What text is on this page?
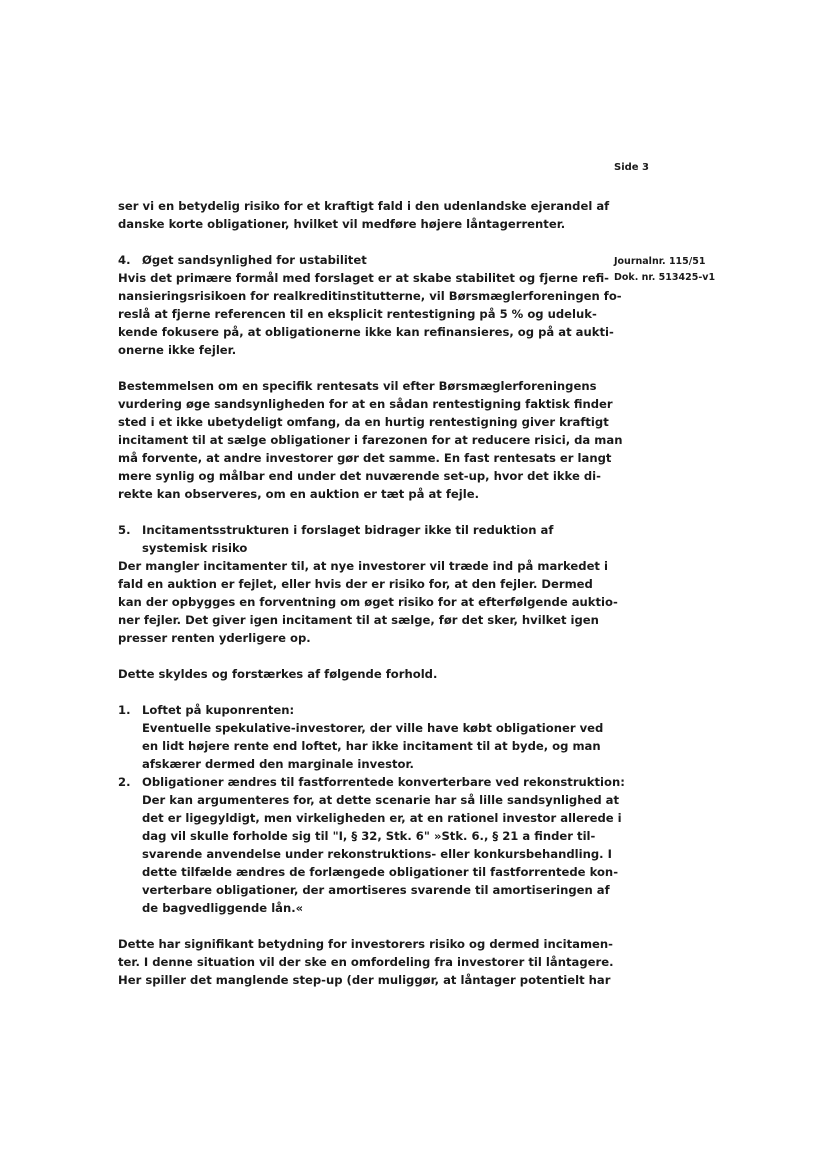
Side 3
Journalnr. 115/51
Dok. nr. 513425-v1
ser vi en betydelig risiko for et kraftigt fald i den udenlandske ejerandel af
danske korte obligationer, hvilket vil medføre højere låntagerrenter.
4. Øget sandsynlighed for ustabilitet
Hvis det primære formål med forslaget er at skabe stabilitet og fjerne refi-
nansieringsrisikoen for realkreditinstitutterne, vil Børsmæglerforeningen fo-
reslå at fjerne referencen til en eksplicit rentestigning på 5 % og udeluk-
kende fokusere på, at obligationerne ikke kan refinansieres, og på at aukti-
onerne ikke fejler.
Bestemmelsen om en specifik rentesats vil efter Børsmæglerforeningens
vurdering øge sandsynligheden for at en sådan rentestigning faktisk finder
sted i et ikke ubetydeligt omfang, da en hurtig rentestigning giver kraftigt
incitament til at sælge obligationer i farezonen for at reducere risici, da man
må forvente, at andre investorer gør det samme. En fast rentesats er langt
mere synlig og målbar end under det nuværende set-up, hvor det ikke di-
rekte kan observeres, om en auktion er tæt på at fejle.
5. Incitamentsstrukturen i forslaget bidrager ikke til reduktion af
systemisk risiko
Der mangler incitamenter til, at nye investorer vil træde ind på markedet i
fald en auktion er fejlet, eller hvis der er risiko for, at den fejler. Dermed
kan der opbygges en forventning om øget risiko for at efterfølgende auktio-
ner fejler. Det giver igen incitament til at sælge, før det sker, hvilket igen
presser renten yderligere op.
Dette skyldes og forstærkes af følgende forhold.
1. Loftet på kuponrenten:
Eventuelle spekulative-investorer, der ville have købt obligationer ved
en lidt højere rente end loftet, har ikke incitament til at byde, og man
afskærer dermed den marginale investor.
2. Obligationer ændres til fastforrentede konverterbare ved rekonstruktion:
Der kan argumenteres for, at dette scenarie har så lille sandsynlighed at
det er ligegyldigt, men virkeligheden er, at en rationel investor allerede i
dag vil skulle forholde sig til "I, § 32, Stk. 6" »Stk. 6., § 21 a finder til-
svarende anvendelse under rekonstruktions- eller konkursbehandling. I
dette tilfælde ændres de forlængede obligationer til fastforrentede kon-
verterbare obligationer, der amortiseres svarende til amortiseringen af
de bagvedliggende lån.«
Dette har signifikant betydning for investorers risiko og dermed incitamen-
ter. I denne situation vil der ske en omfordeling fra investorer til låntagere.
Her spiller det manglende step-up (der muliggør, at låntager potentielt har
